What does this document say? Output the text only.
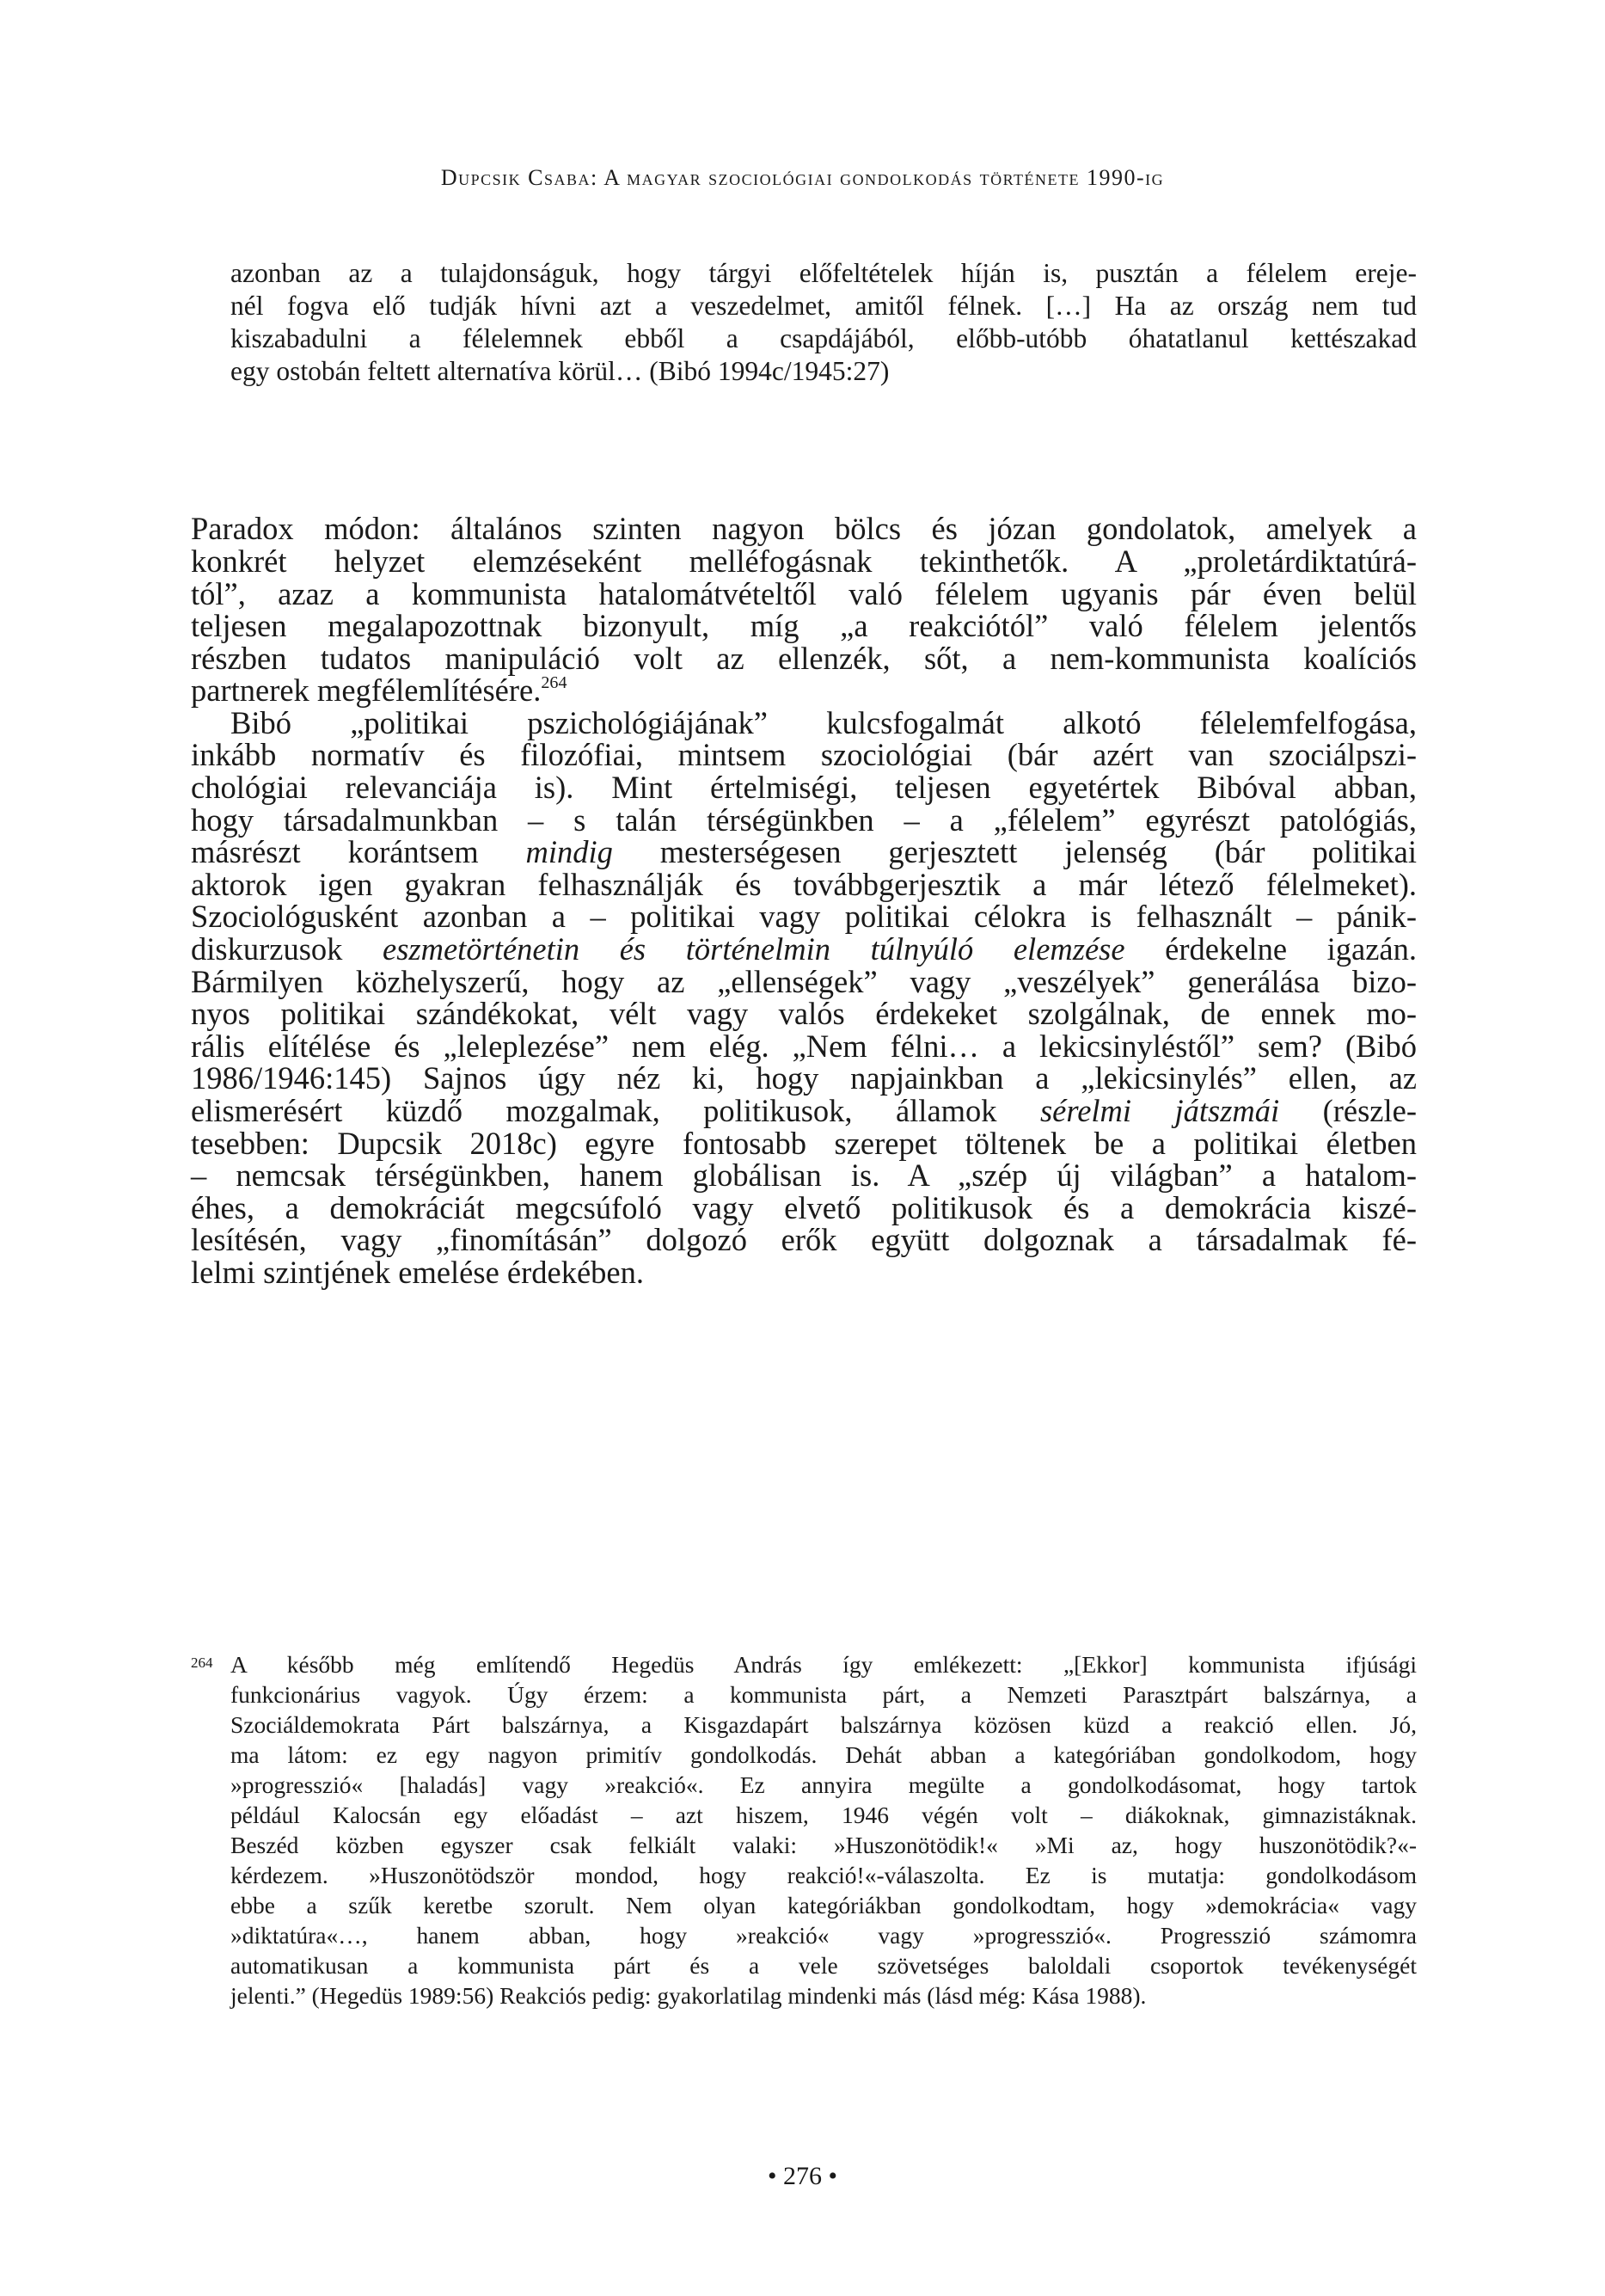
Dupcsik Csaba: A magyar szociológiai gondolkodás története 1990-ig
azonban az a tulajdonságuk, hogy tárgyi előfeltételek híján is, pusztán a félelem ereje-
nél fogva elő tudják hívni azt a veszedelmet, amitől félnek. […] Ha az ország nem tud
kiszabadulni a félelemnek ebből a csapdájából, előbb-utóbb óhatatlanul kettészakad
egy ostobán feltett alternatíva körül… (Bibó 1994c/1945:27)
Paradox módon: általános szinten nagyon bölcs és józan gondolatok, amelyek a
konkrét helyzet elemzéseként melléfogásnak tekinthetők. A „proletárdiktatúrá-
tól”, azaz a kommunista hatalomátvételtől való félelem ugyanis pár éven belül
teljesen megalapozottnak bizonyult, míg „a reakciótól” való félelem jelentős
részben tudatos manipuláció volt az ellenzék, sőt, a nem-kommunista koalíciós
partnerek megfélemlítésére.$^{264}$
Bibó „politikai pszichológiájának” kulcsfogalmát alkotó félelemfelfogása,
inkább normatív és filozófiai, mintsem szociológiai (bár azért van szociálpszi-
chológiai relevanciája is). Mint értelmiségi, teljesen egyetértek Bibóval abban,
hogy társadalmunkban – s talán térségünkben – a „félelem” egyrészt patológiás,
másrészt korántsem mindig mesterségesen gerjesztett jelenség (bár politikai
aktorok igen gyakran felhasználják és továbbgerjesztik a már létező félelmeket).
Szociológusként azonban a – politikai vagy politikai célokra is felhasznált – pánik-
diskurzusok eszmetörténetin és történelmin túlnyúló elemzése érdekelne igazán.
Bármilyen közhelyszerű, hogy az „ellenségek” vagy „veszélyek” generálása bizo-
nyos politikai szándékokat, vélt vagy valós érdekeket szolgálnak, de ennek mo-
rális elítélése és „leleplezése” nem elég. „Nem félni… a lekicsinyléstől” sem? (Bibó
1986/1946:145) Sajnos úgy néz ki, hogy napjainkban a „lekicsinylés” ellen, az
elismerésért küzdő mozgalmak, politikusok, államok sérelmi játszmái (részle-
tesebben: Dupcsik 2018c) egyre fontosabb szerepet töltenek be a politikai életben
– nemcsak térségünkben, hanem globálisan is. A „szép új világban” a hatalom-
éhes, a demokráciát megcsúfoló vagy elvető politikusok és a demokrácia kiszé-
lesítésén, vagy „finomításán” dolgozó erők együtt dolgoznak a társadalmak fé-
lelmi szintjének emelése érdekében.
264 A később még említendő Hegedüs András így emlékezett: „[Ekkor] kommunista ifjúsági
funkcionárius vagyok. Úgy érzem: a kommunista párt, a Nemzeti Parasztpárt balszárnya, a
Szociáldemokrata Párt balszárnya, a Kisgazdapárt balszárnya közösen küzd a reakció ellen. Jó,
ma látom: ez egy nagyon primitív gondolkodás. Dehát abban a kategóriában gondolkodom, hogy
»progresszió« [haladás] vagy »reakció«. Ez annyira megülte a gondolkodásomat, hogy tartok
például Kalocsán egy előadást – azt hiszem, 1946 végén volt – diákoknak, gimnazistáknak.
Beszéd közben egyszer csak felkiált valaki: »Huszonötödik!« »Mi az, hogy huszonötödik?«-
kérdezem. »Huszonötödször mondod, hogy reakció!«-válaszolta. Ez is mutatja: gondolkodásom
ebbe a szűk keretbe szorult. Nem olyan kategóriákban gondolkodtam, hogy »demokrácia« vagy
»diktatúra«…, hanem abban, hogy »reakció« vagy »progresszió«. Progresszió számomra
automatikusan a kommunista párt és a vele szövetséges baloldali csoportok tevékenységét
jelenti.” (Hegedüs 1989:56) Reakciós pedig: gyakorlatilag mindenki más (lásd még: Kása 1988).
• 276 •
